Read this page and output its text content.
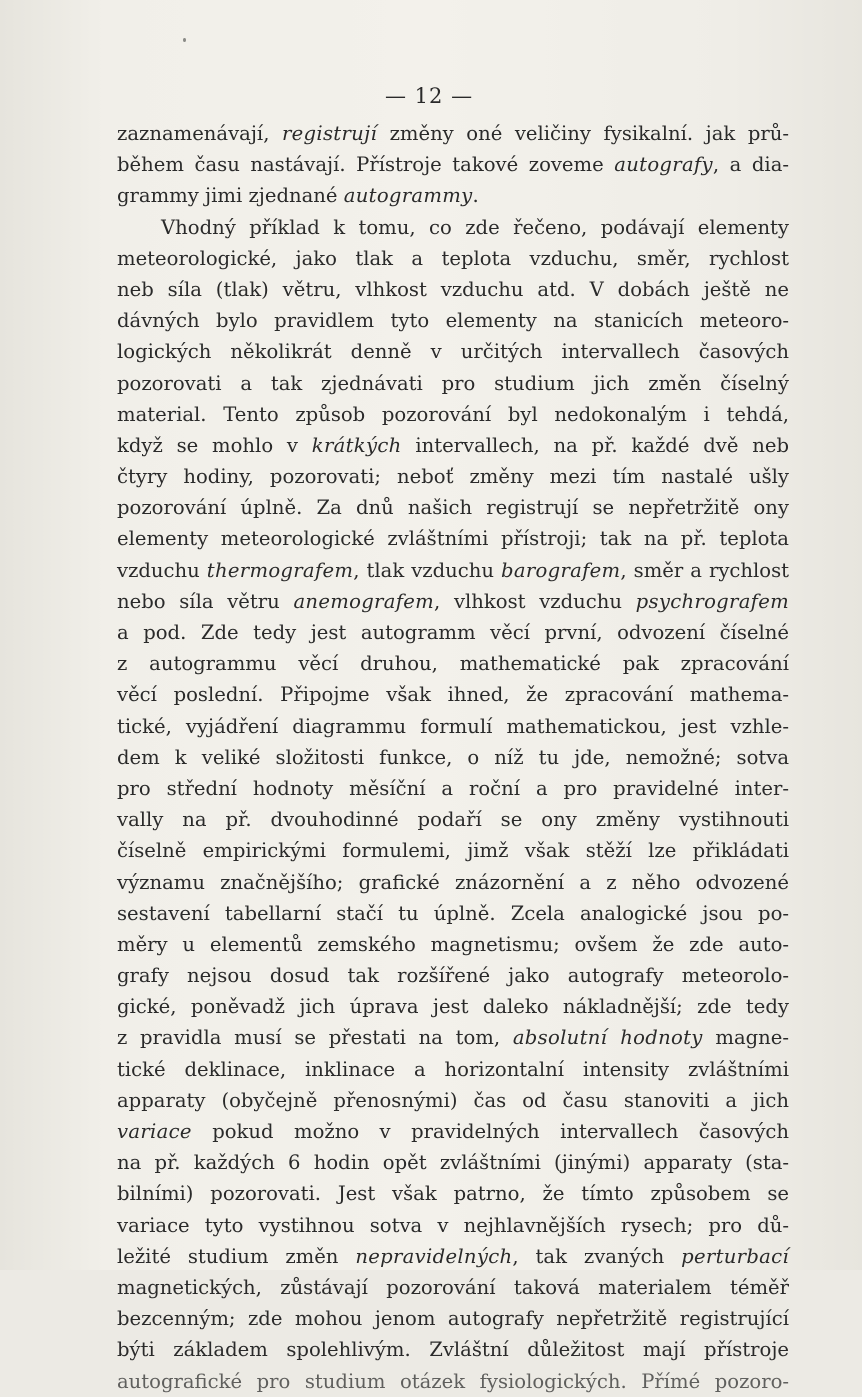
— 12 —
zaznamenávají, registrují změny oné veličiny fysikalní. jak prů-
během času nastávají. Přístroje takové zoveme autografy, a dia-
grammy jimi zjednané autogrammy.
Vhodný příklad k tomu, co zde řečeno, podávají elementy
meteorologické, jako tlak a teplota vzduchu, směr, rychlost
neb síla (tlak) větru, vlhkost vzduchu atd. V dobách ještě ne
dávných bylo pravidlem tyto elementy na stanicích meteoro-
logických několikrát denně v určitých intervallech časových
pozorovati a tak zjednávati pro studium jich změn číselný
material. Tento způsob pozorování byl nedokonalým i tehdá,
když se mohlo v krátkých intervallech, na př. každé dvě neb
čtyry hodiny, pozorovati; neboť změny mezi tím nastalé ušly
pozorování úplně. Za dnů našich registrují se nepřetržitě ony
elementy meteorologické zvláštními přístroji; tak na př. teplota
vzduchu thermografem, tlak vzduchu barografem, směr a rychlost
nebo síla větru anemografem, vlhkost vzduchu psychrografem
a pod. Zde tedy jest autogramm věcí první, odvození číselné
z autogrammu věcí druhou, mathematické pak zpracování
věcí poslední. Připojme však ihned, že zpracování mathema-
tické, vyjádření diagrammu formulí mathematickou, jest vzhle-
dem k veliké složitosti funkce, o níž tu jde, nemožné; sotva
pro střední hodnoty měsíční a roční a pro pravidelné inter-
vally na př. dvouhodinné podaří se ony změny vystihnouti
číselně empirickými formulemi, jimž však stěží lze přikládati
významu značnějšího; grafické znázornění a z něho odvozené
sestavení tabellarní stačí tu úplně. Zcela analogické jsou po-
měry u elementů zemského magnetismu; ovšem že zde auto-
grafy nejsou dosud tak rozšířené jako autografy meteorolo-
gické, poněvadž jich úprava jest daleko nákladnější; zde tedy
z pravidla musí se přestati na tom, absolutní hodnoty magne-
tické deklinace, inklinace a horizontalní intensity zvláštními
apparaty (obyčejně přenosnými) čas od času stanoviti a jich
variace pokud možno v pravidelných intervallech časových
na př. každých 6 hodin opět zvláštními (jinými) apparaty (sta-
bilními) pozorovati. Jest však patrno, že tímto způsobem se
variace tyto vystihnou sotva v nejhlavnějších rysech; pro dů-
ležité studium změn nepravidelných, tak zvaných perturbací
magnetických, zůstávají pozorování taková materialem téměř
bezcenným; zde mohou jenom autografy nepřetržitě registrující
býti základem spolehlivým. Zvláštní důležitost mají přístroje
autografické pro studium otázek fysiologických. Přímé pozoro-
